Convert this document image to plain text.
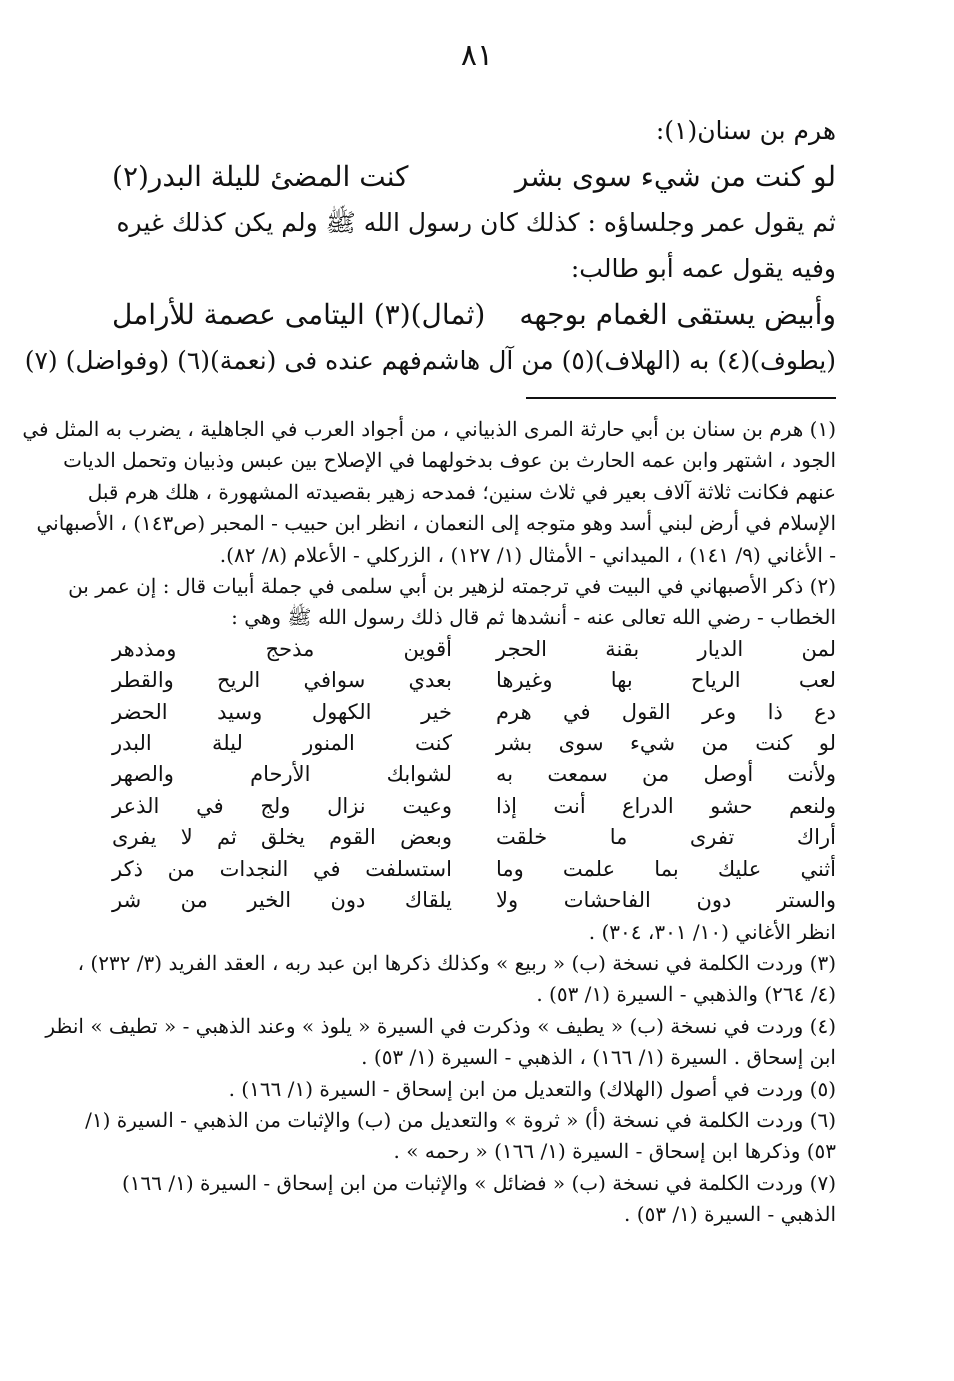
٨١
هرم بن سنان(١):
لو كنت من شيء سوى بشر
كنت المضئ لليلة البدر(٢)
ثم يقول عمر وجلساؤه : كذلك كان رسول الله ﷺ ولم يكن كذلك غيره
وفيه يقول عمه أبو طالب:
وأبيض يستقى الغمام بوجهه
(ثمال)(٣) اليتامى عصمة للأرامل
(يطوف)(٤) به (الهلاف)(٥) من آل هاشم
فهم عنده فى (نعمة)(٦) (وفواضل) (٧)
(١) هرم بن سنان بن أبي حارثة المرى الذبياني ، من أجواد العرب في الجاهلية ، يضرب به المثل في
الجود ، اشتهر وابن عمه الحارث بن عوف بدخولهما في الإصلاح بين عبس وذبيان وتحمل الديات
عنهم فكانت ثلاثة آلاف بعير في ثلاث سنين؛ فمدحه زهير بقصيدته المشهورة ، هلك هرم قبل
الإسلام في أرض لبني أسد وهو متوجه إلى النعمان ، انظر ابن حبيب - المحبر (ص١٤٣) ، الأصبهاني
- الأغاني (٩/ ١٤١) ، الميداني - الأمثال (١/ ١٢٧) ، الزركلي - الأعلام (٨/ ٨٢).
(٢) ذكر الأصبهاني في البيت في ترجمته لزهير بن أبي سلمى في جملة أبيات قال : إن عمر بن
الخطاب - رضي الله تعالى عنه - أنشدها ثم قال ذلك رسول الله ﷺ وهي :
لمن الديار بقنة الحجر
أقوين مذحج ومذدهر
لعب الرياح بها وغيرها
بعدي سوافي الريح والقطر
دع ذا وعر القول في هرم
خير الكهول وسيد الحضر
لو كنت من شيء سوى بشر
كنت المنور ليلة البدر
ولأنت أوصل من سمعت به
لشوابك الأرحام والصهر
ولنعم حشو الدراع أنت إذا
وعيت نزال ولج في الذعر
أراك تفرى ما خلقت
وبعض القوم يخلق ثم لا يفرى
أثني عليك بما علمت وما
استسلفت في النجدات من ذكر
والستر دون الفاحشات ولا
يلقاك دون الخير من شر
انظر الأغاني (١٠/ ٣٠١، ٣٠٤) .
(٣) وردت الكلمة في نسخة (ب) « ربيع » وكذلك ذكرها ابن عبد ربه ، العقد الفريد (٣/ ٢٣٢) ،
(٤/ ٢٦٤) والذهبي - السيرة (١/ ٥٣) .
(٤) وردت في نسخة (ب) « يطيف » وذكرت في السيرة « يلوذ » وعند الذهبي - « تطيف » انظر
ابن إسحاق . السيرة (١/ ١٦٦) ، الذهبي - السيرة (١/ ٥٣) .
(٥) وردت في أصول (الهلاك) والتعديل من ابن إسحاق - السيرة (١/ ١٦٦) .
(٦) وردت الكلمة في نسخة (أ) « ثروة » والتعديل من (ب) والإثبات من الذهبي - السيرة (١/
٥٣) وذكرها ابن إسحاق - السيرة (١/ ١٦٦) « رحمه » .
(٧) وردت الكلمة في نسخة (ب) « فضائل » والإثبات من ابن إسحاق - السيرة (١/ ١٦٦)
الذهبي - السيرة (١/ ٥٣) .
